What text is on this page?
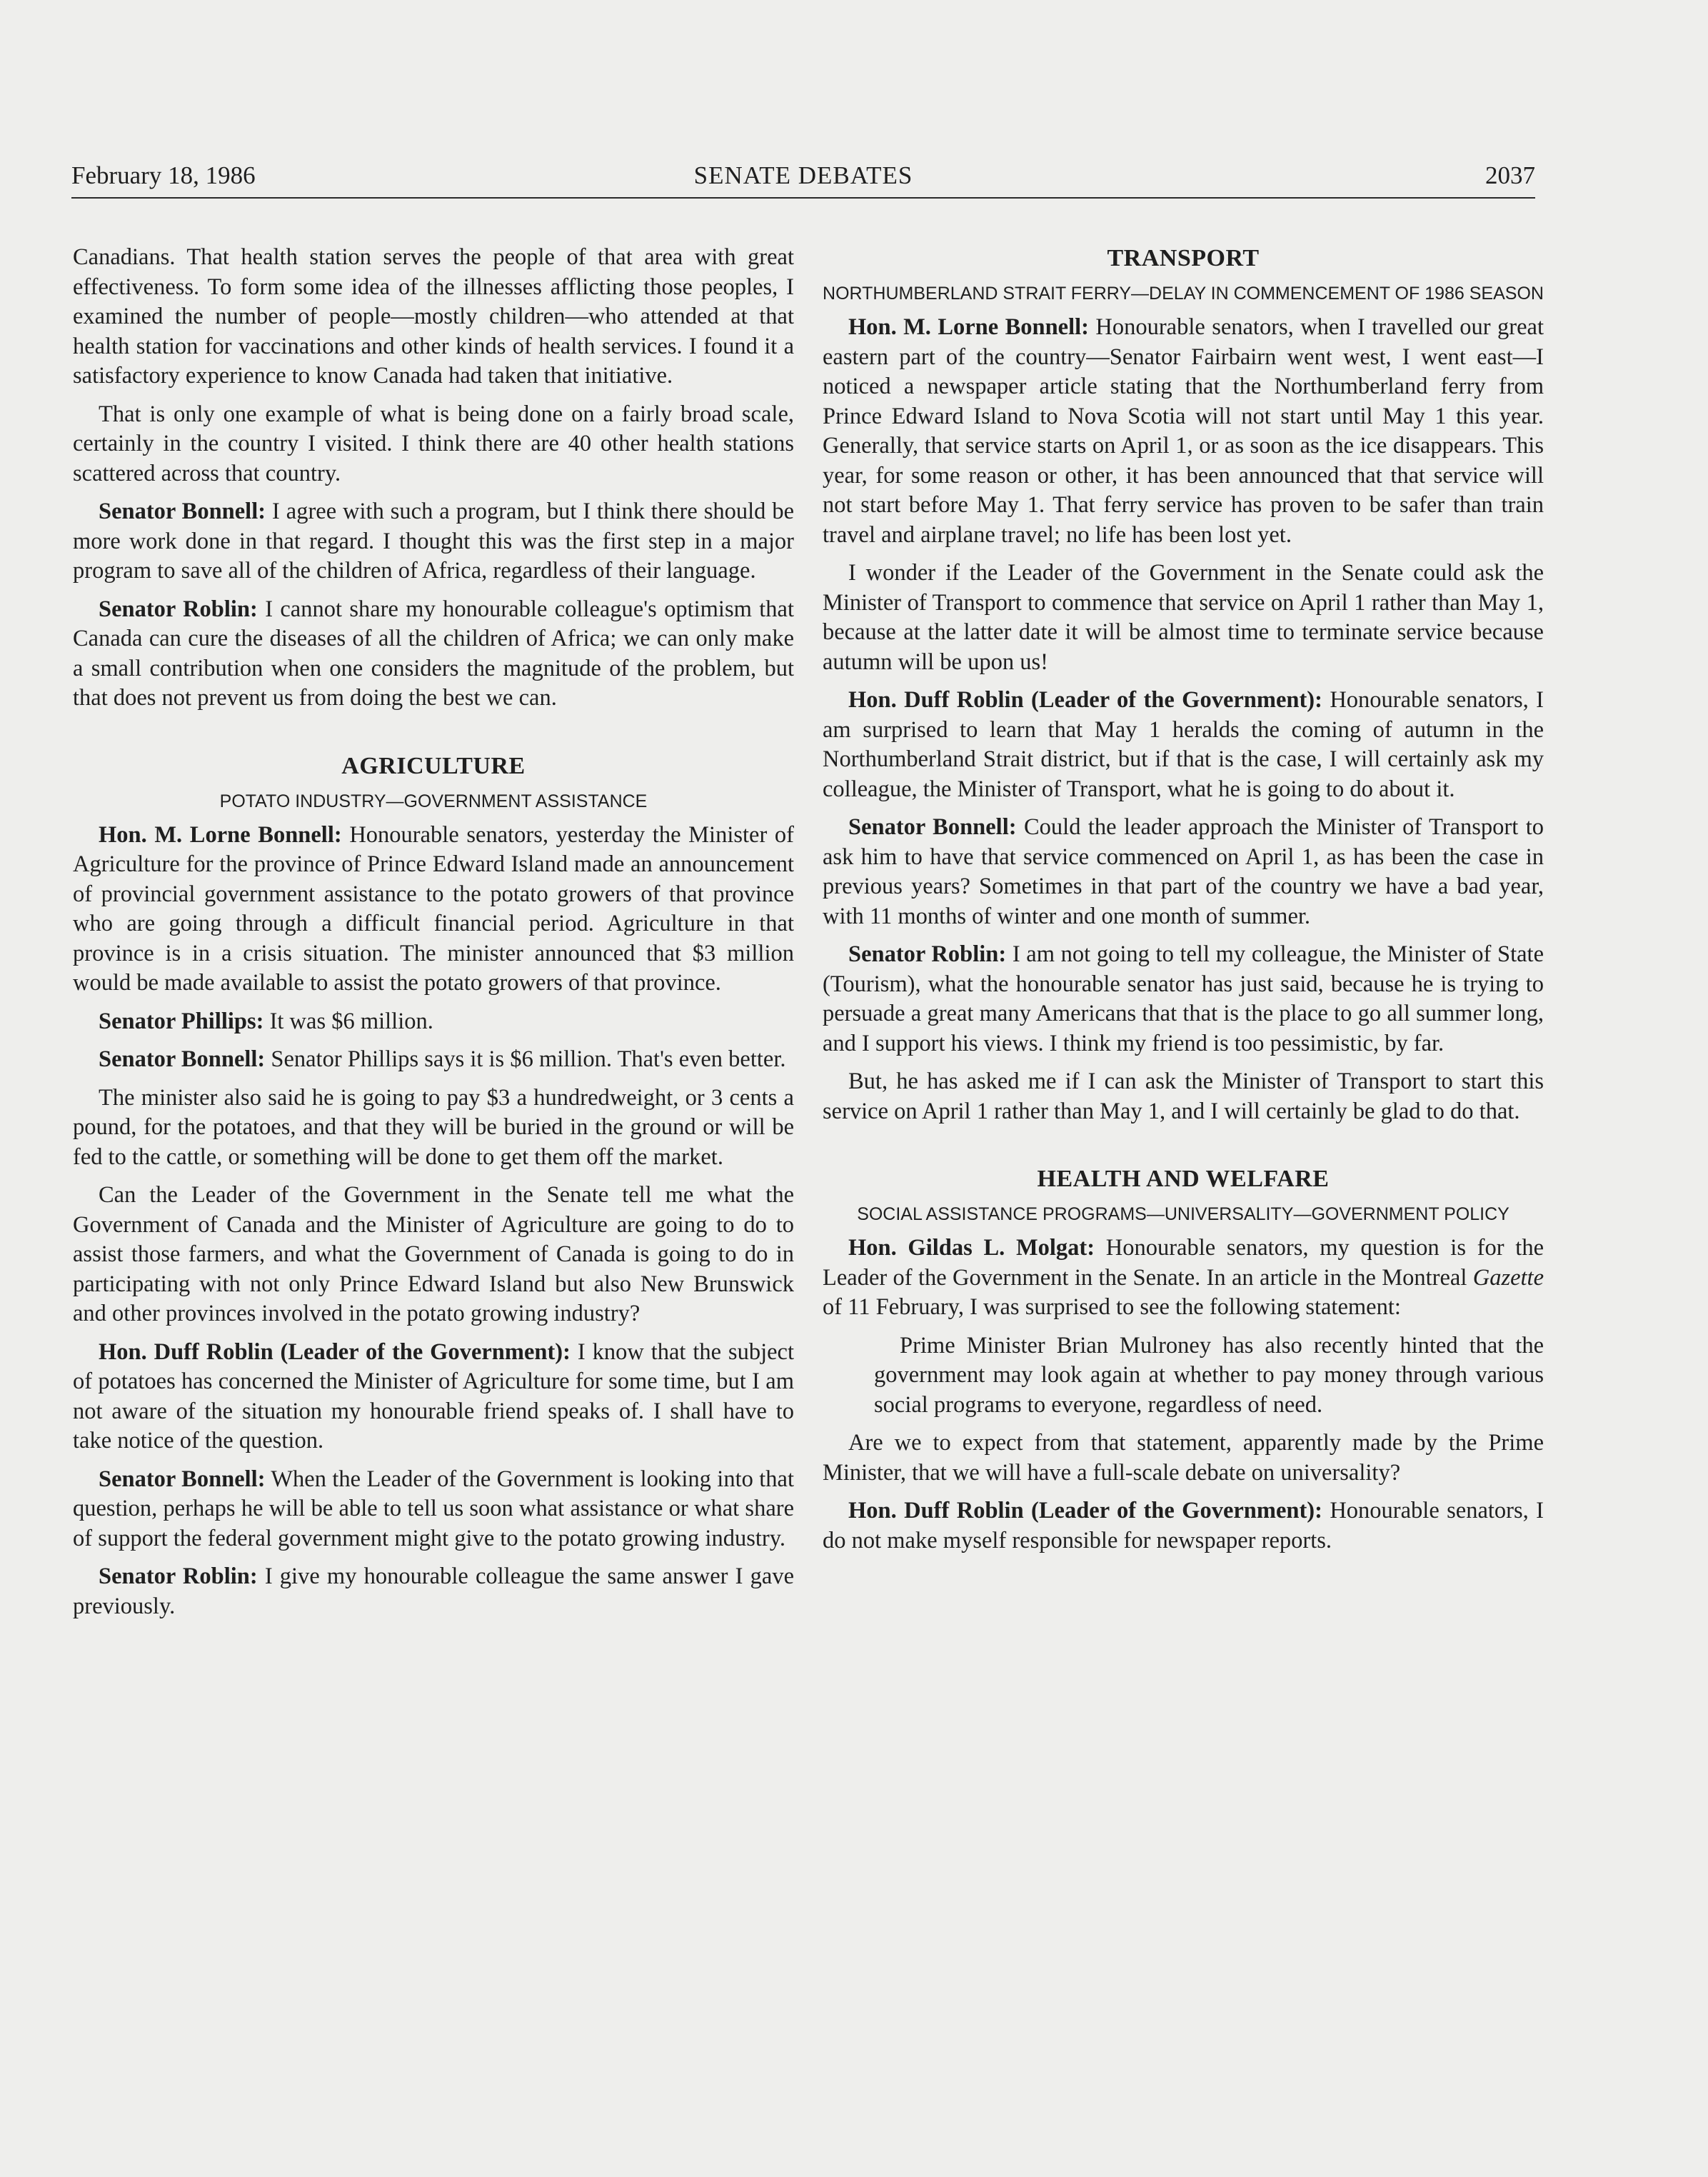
February 18, 1986	SENATE DEBATES	2037

Canadians. That health station serves the people of that area with great effectiveness. To form some idea of the illnesses afflicting those peoples, I examined the number of people—mostly children—who attended at that health station for vaccinations and other kinds of health services. I found it a satisfactory experience to know Canada had taken that initiative.

That is only one example of what is being done on a fairly broad scale, certainly in the country I visited. I think there are 40 other health stations scattered across that country.

Senator Bonnell: I agree with such a program, but I think there should be more work done in that regard. I thought this was the first step in a major program to save all of the children of Africa, regardless of their language.

Senator Roblin: I cannot share my honourable colleague's optimism that Canada can cure the diseases of all the children of Africa; we can only make a small contribution when one considers the magnitude of the problem, but that does not prevent us from doing the best we can.

AGRICULTURE
POTATO INDUSTRY—GOVERNMENT ASSISTANCE

Hon. M. Lorne Bonnell: Honourable senators, yesterday the Minister of Agriculture for the province of Prince Edward Island made an announcement of provincial government assistance to the potato growers of that province who are going through a difficult financial period. Agriculture in that province is in a crisis situation. The minister announced that $3 million would be made available to assist the potato growers of that province.

Senator Phillips: It was $6 million.

Senator Bonnell: Senator Phillips says it is $6 million. That's even better.

The minister also said he is going to pay $3 a hundredweight, or 3 cents a pound, for the potatoes, and that they will be buried in the ground or will be fed to the cattle, or something will be done to get them off the market.

Can the Leader of the Government in the Senate tell me what the Government of Canada and the Minister of Agriculture are going to do to assist those farmers, and what the Government of Canada is going to do in participating with not only Prince Edward Island but also New Brunswick and other provinces involved in the potato growing industry?

Hon. Duff Roblin (Leader of the Government): I know that the subject of potatoes has concerned the Minister of Agriculture for some time, but I am not aware of the situation my honourable friend speaks of. I shall have to take notice of the question.

Senator Bonnell: When the Leader of the Government is looking into that question, perhaps he will be able to tell us soon what assistance or what share of support the federal government might give to the potato growing industry.

Senator Roblin: I give my honourable colleague the same answer I gave previously.

TRANSPORT
NORTHUMBERLAND STRAIT FERRY—DELAY IN COMMENCEMENT OF 1986 SEASON

Hon. M. Lorne Bonnell: Honourable senators, when I travelled our great eastern part of the country—Senator Fairbairn went west, I went east—I noticed a newspaper article stating that the Northumberland ferry from Prince Edward Island to Nova Scotia will not start until May 1 this year. Generally, that service starts on April 1, or as soon as the ice disappears. This year, for some reason or other, it has been announced that that service will not start before May 1. That ferry service has proven to be safer than train travel and airplane travel; no life has been lost yet.

I wonder if the Leader of the Government in the Senate could ask the Minister of Transport to commence that service on April 1 rather than May 1, because at the latter date it will be almost time to terminate service because autumn will be upon us!

Hon. Duff Roblin (Leader of the Government): Honourable senators, I am surprised to learn that May 1 heralds the coming of autumn in the Northumberland Strait district, but if that is the case, I will certainly ask my colleague, the Minister of Transport, what he is going to do about it.

Senator Bonnell: Could the leader approach the Minister of Transport to ask him to have that service commenced on April 1, as has been the case in previous years? Sometimes in that part of the country we have a bad year, with 11 months of winter and one month of summer.

Senator Roblin: I am not going to tell my colleague, the Minister of State (Tourism), what the honourable senator has just said, because he is trying to persuade a great many Americans that that is the place to go all summer long, and I support his views. I think my friend is too pessimistic, by far.

But, he has asked me if I can ask the Minister of Transport to start this service on April 1 rather than May 1, and I will certainly be glad to do that.

HEALTH AND WELFARE
SOCIAL ASSISTANCE PROGRAMS—UNIVERSALITY—GOVERNMENT POLICY

Hon. Gildas L. Molgat: Honourable senators, my question is for the Leader of the Government in the Senate. In an article in the Montreal Gazette of 11 February, I was surprised to see the following statement:

Prime Minister Brian Mulroney has also recently hinted that the government may look again at whether to pay money through various social programs to everyone, regardless of need.

Are we to expect from that statement, apparently made by the Prime Minister, that we will have a full-scale debate on universality?

Hon. Duff Roblin (Leader of the Government): Honourable senators, I do not make myself responsible for newspaper reports.
